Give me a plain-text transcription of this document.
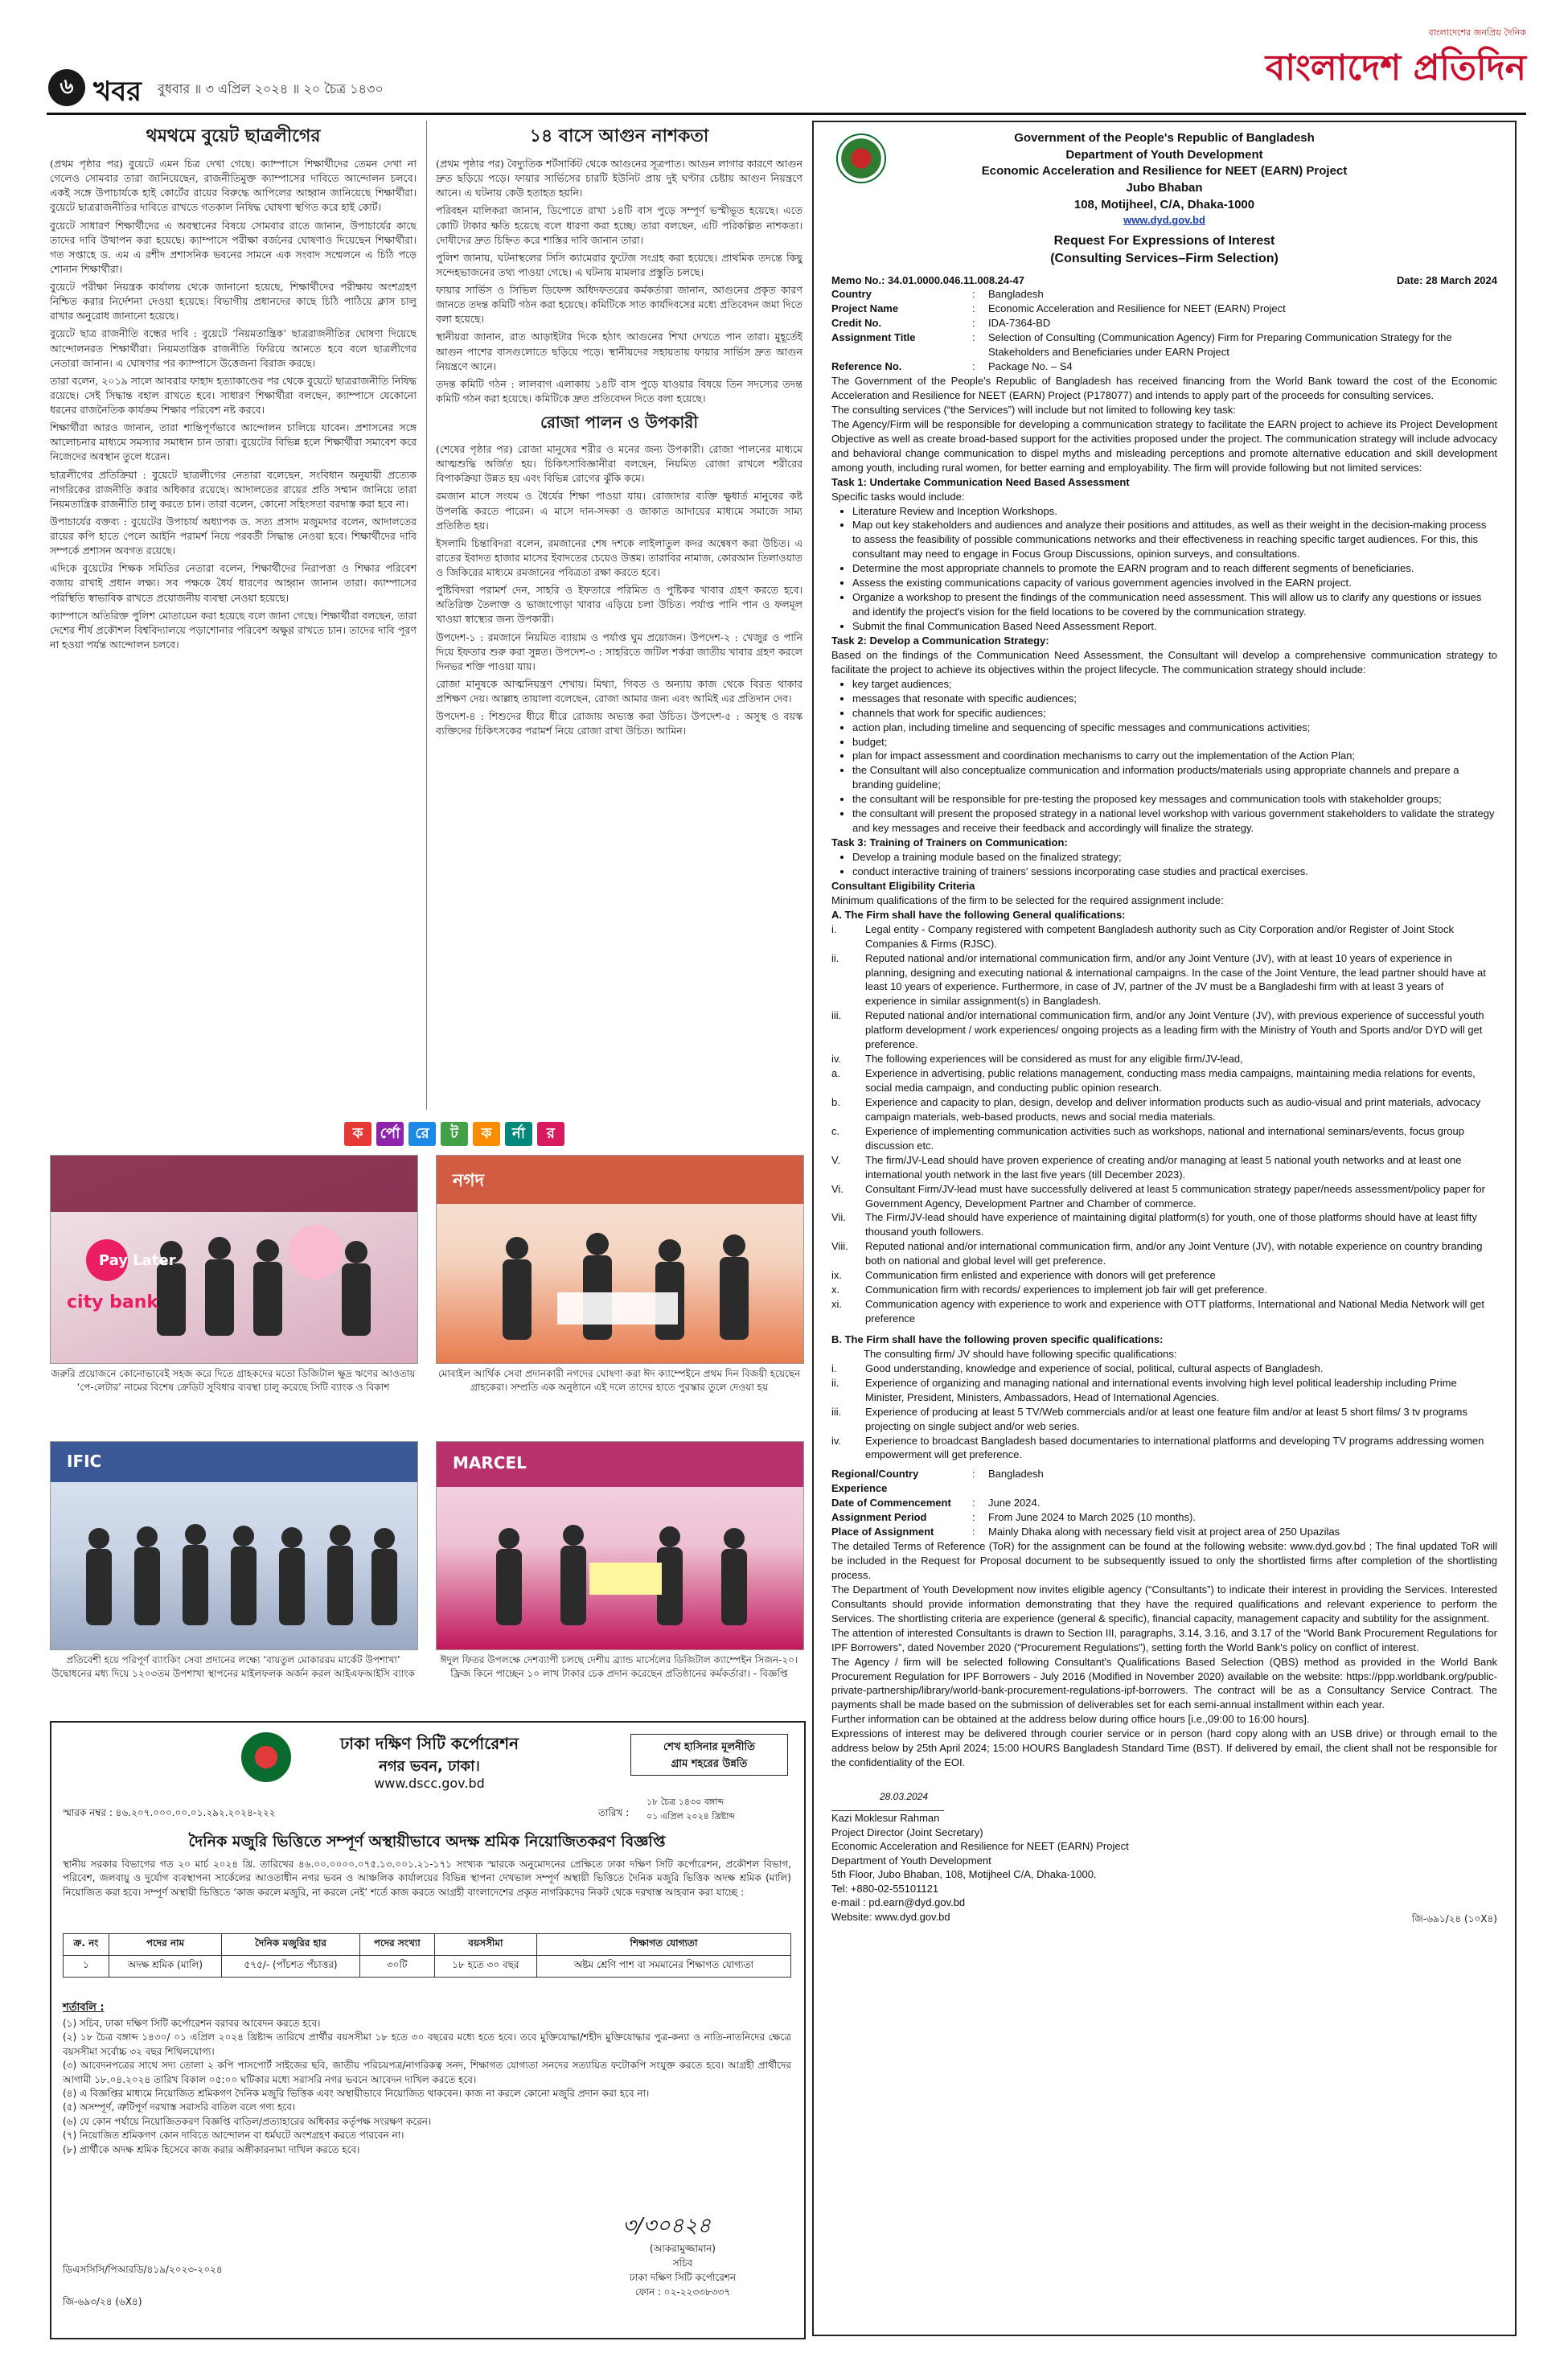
৬ খবর বুধবার ॥ ৩ এপ্রিল ২০২৪ ॥ ২০ চৈত্র ১৪৩০
বাংলাদেশের জনপ্রিয় দৈনিক
বাংলাদেশ প্রতিদিন
থমথমে বুয়েট ছাত্রলীগের

(প্রথম পৃষ্ঠার পর) বুয়েটে এমন চিত্র দেখা গেছে। ক্যাম্পাসে শিক্ষার্থীদের তেমন দেখা না গেলেও সোমবার তারা জানিয়েছেন, রাজনীতিমুক্ত ক্যাম্পাসের দাবিতে আন্দোলন চলবে। একই সঙ্গে উপাচার্যকে হাই কোর্টের রায়ের বিরুদ্ধে আপিলের আহ্বান জানিয়েছে শিক্ষার্থীরা। বুয়েটে ছাত্ররাজনীতির দাবিতে রাখতে গতকাল নিষিদ্ধ ঘোষণা স্থগিত করে হাই কোর্ট।

বুয়েটে সাধারণ শিক্ষার্থীদের এ অবস্থানের বিষয়ে সোমবার রাতে জানান, উপাচার্যের কাছে তাদের দাবি উত্থাপন করা হয়েছে। ক্যাম্পাসে পরীক্ষা বর্জনের ঘোষণাও দিয়েছেন শিক্ষার্থীরা। গত সপ্তাহে ড. এম এ রশীদ প্রশাসনিক ভবনের সামনে এক সংবাদ সম্মেলনে এ চিঠি পড়ে শোনান শিক্ষার্থীরা।

বুয়েটে পরীক্ষা নিয়ন্ত্রক কার্যালয় থেকে জানানো হয়েছে, শিক্ষার্থীদের পরীক্ষায় অংশগ্রহণ নিশ্চিত করার নির্দেশনা দেওয়া হয়েছে। বিভাগীয় প্রধানদের কাছে চিঠি পাঠিয়ে ক্লাস চালু রাখার অনুরোধ জানানো হয়েছে।

বুয়েটে ছাত্র রাজনীতি বন্ধের দাবি : বুয়েটে ‘নিয়মতান্ত্রিক’ ছাত্ররাজনীতির ঘোষণা দিয়েছে আন্দোলনরত শিক্ষার্থীরা। নিয়মতান্ত্রিক রাজনীতি ফিরিয়ে আনতে হবে বলে ছাত্রলীগের নেতারা জানান। এ ঘোষণার পর ক্যাম্পাসে উত্তেজনা বিরাজ করছে।

তারা বলেন, ২০১৯ সালে আবরার ফাহাদ হত্যাকাণ্ডের পর থেকে বুয়েটে ছাত্ররাজনীতি নিষিদ্ধ রয়েছে। সেই সিদ্ধান্ত বহাল রাখতে হবে। সাধারণ শিক্ষার্থীরা বলছেন, ক্যাম্পাসে যেকোনো ধরনের রাজনৈতিক কার্যক্রম শিক্ষার পরিবেশ নষ্ট করবে।

শিক্ষার্থীরা আরও জানান, তারা শান্তিপূর্ণভাবে আন্দোলন চালিয়ে যাবেন। প্রশাসনের সঙ্গে আলোচনার মাধ্যমে সমস্যার সমাধান চান তারা। বুয়েটের বিভিন্ন হলে শিক্ষার্থীরা সমাবেশ করে নিজেদের অবস্থান তুলে ধরেন।

ছাত্রলীগের প্রতিক্রিয়া : বুয়েটে ছাত্রলীগের নেতারা বলেছেন, সংবিধান অনুযায়ী প্রত্যেক নাগরিকের রাজনীতি করার অধিকার রয়েছে। আদালতের রায়ের প্রতি সম্মান জানিয়ে তারা নিয়মতান্ত্রিক রাজনীতি চালু করতে চান। তারা বলেন, কোনো সহিংসতা বরদাস্ত করা হবে না।

উপাচার্যের বক্তব্য : বুয়েটের উপাচার্য অধ্যাপক ড. সত্য প্রসাদ মজুমদার বলেন, আদালতের রায়ের কপি হাতে পেলে আইনি পরামর্শ নিয়ে পরবর্তী সিদ্ধান্ত নেওয়া হবে। শিক্ষার্থীদের দাবি সম্পর্কে প্রশাসন অবগত রয়েছে।

এদিকে বুয়েটের শিক্ষক সমিতির নেতারা বলেন, শিক্ষার্থীদের নিরাপত্তা ও শিক্ষার পরিবেশ বজায় রাখাই প্রধান লক্ষ্য। সব পক্ষকে ধৈর্য ধারণের আহ্বান জানান তারা। ক্যাম্পাসের পরিস্থিতি স্বাভাবিক রাখতে প্রয়োজনীয় ব্যবস্থা নেওয়া হয়েছে।

ক্যাম্পাসে অতিরিক্ত পুলিশ মোতায়েন করা হয়েছে বলে জানা গেছে। শিক্ষার্থীরা বলছেন, তারা দেশের শীর্ষ প্রকৌশল বিশ্ববিদ্যালয়ে পড়াশোনার পরিবেশ অক্ষুণ্ণ রাখতে চান। তাদের দাবি পূরণ না হওয়া পর্যন্ত আন্দোলন চলবে।

১৪ বাসে আগুন নাশকতা

(প্রথম পৃষ্ঠার পর) বৈদ্যুতিক শর্টসার্কিট থেকে আগুনের সূত্রপাত। আগুন লাগার কারণে আগুন দ্রুত ছড়িয়ে পড়ে। ফায়ার সার্ভিসের চারটি ইউনিট প্রায় দুই ঘণ্টার চেষ্টায় আগুন নিয়ন্ত্রণে আনে। এ ঘটনায় কেউ হতাহত হয়নি।

পরিবহন মালিকরা জানান, ডিপোতে রাখা ১৪টি বাস পুড়ে সম্পূর্ণ ভস্মীভূত হয়েছে। এতে কোটি টাকার ক্ষতি হয়েছে বলে ধারণা করা হচ্ছে। তারা বলছেন, এটি পরিকল্পিত নাশকতা। দোষীদের দ্রুত চিহ্নিত করে শাস্তির দাবি জানান তারা।

পুলিশ জানায়, ঘটনাস্থলের সিসি ক্যামেরার ফুটেজ সংগ্রহ করা হয়েছে। প্রাথমিক তদন্তে কিছু সন্দেহভাজনের তথ্য পাওয়া গেছে। এ ঘটনায় মামলার প্রস্তুতি চলছে।

ফায়ার সার্ভিস ও সিভিল ডিফেন্স অধিদফতরের কর্মকর্তারা জানান, আগুনের প্রকৃত কারণ জানতে তদন্ত কমিটি গঠন করা হয়েছে। কমিটিকে সাত কার্যদিবসের মধ্যে প্রতিবেদন জমা দিতে বলা হয়েছে।

স্থানীয়রা জানান, রাত আড়াইটার দিকে হঠাৎ আগুনের শিখা দেখতে পান তারা। মুহূর্তেই আগুন পাশের বাসগুলোতে ছড়িয়ে পড়ে। স্থানীয়দের সহায়তায় ফায়ার সার্ভিস দ্রুত আগুন নিয়ন্ত্রণে আনে।

তদন্ত কমিটি গঠন : লালবাগ এলাকায় ১৪টি বাস পুড়ে যাওয়ার বিষয়ে তিন সদস্যের তদন্ত কমিটি গঠন করা হয়েছে। কমিটিকে দ্রুত প্রতিবেদন দিতে বলা হয়েছে।

রোজা পালন ও উপকারী

(শেষের পৃষ্ঠার পর) রোজা মানুষের শরীর ও মনের জন্য উপকারী। রোজা পালনের মাধ্যমে আত্মশুদ্ধি অর্জিত হয়। চিকিৎসাবিজ্ঞানীরা বলছেন, নিয়মিত রোজা রাখলে শরীরের বিপাকক্রিয়া উন্নত হয় এবং বিভিন্ন রোগের ঝুঁকি কমে।

রমজান মাসে সংযম ও ধৈর্যের শিক্ষা পাওয়া যায়। রোজাদার ব্যক্তি ক্ষুধার্ত মানুষের কষ্ট উপলব্ধি করতে পারেন। এ মাসে দান-সদকা ও জাকাত আদায়ের মাধ্যমে সমাজে সাম্য প্রতিষ্ঠিত হয়।

ইসলামি চিন্তাবিদরা বলেন, রমজানের শেষ দশকে লাইলাতুল কদর অন্বেষণ করা উচিত। এ রাতের ইবাদত হাজার মাসের ইবাদতের চেয়েও উত্তম। তারাবির নামাজ, কোরআন তিলাওয়াত ও জিকিরের মাধ্যমে রমজানের পবিত্রতা রক্ষা করতে হবে।

পুষ্টিবিদরা পরামর্শ দেন, সাহরি ও ইফতারে পরিমিত ও পুষ্টিকর খাবার গ্রহণ করতে হবে। অতিরিক্ত তৈলাক্ত ও ভাজাপোড়া খাবার এড়িয়ে চলা উচিত। পর্যাপ্ত পানি পান ও ফলমূল খাওয়া স্বাস্থ্যের জন্য উপকারী।

উপদেশ-১ : রমজানে নিয়মিত ব্যায়াম ও পর্যাপ্ত ঘুম প্রয়োজন। উপদেশ-২ : খেজুর ও পানি দিয়ে ইফতার শুরু করা সুন্নত। উপদেশ-৩ : সাহরিতে জটিল শর্করা জাতীয় খাবার গ্রহণ করলে দিনভর শক্তি পাওয়া যায়।

রোজা মানুষকে আত্মনিয়ন্ত্রণ শেখায়। মিথ্যা, গিবত ও অন্যায় কাজ থেকে বিরত থাকার প্রশিক্ষণ দেয়। আল্লাহ তায়ালা বলেছেন, রোজা আমার জন্য এবং আমিই এর প্রতিদান দেব।

উপদেশ-৪ : শিশুদের ধীরে ধীরে রোজায় অভ্যস্ত করা উচিত। উপদেশ-৫ : অসুস্থ ও বয়স্ক ব্যক্তিদের চিকিৎসকের পরামর্শ নিয়ে রোজা রাখা উচিত। আমিন।

ক	র্পো	রে	ট	ক	র্না	র
Pay Later
city bank
জরুরি প্রয়োজনে কোনোভাবেই সহজ করে দিতে গ্রাহকদের মতো ডিজিটাল ক্ষুদ্র ঋণের আওতায় ‘পে-লেটার’ নামের বিশেষ ক্রেডিট সুবিধার ব্যবস্থা চালু করেছে সিটি ব্যাংক ও বিকাশ
নগদ
মোবাইল আর্থিক সেবা প্রদানকারী নগদের ঘোষণা করা ঈদ ক্যাম্পেইনে প্রথম দিন বিজয়ী হয়েছেন গ্রাহকেরা। সম্প্রতি এক অনুষ্ঠানে এই দলে তাদের হাতে পুরস্কার তুলে দেওয়া হয়
IFIC
প্রতিবেশী হয়ে পরিপূর্ণ ব্যাংকিং সেবা প্রদানের লক্ষ্যে ‘বায়তুল মোকাররম মার্কেট উপশাখা’ উদ্বোধনের মধ্য দিয়ে ১২০৩তম উপশাখা স্থাপনের মাইলফলক অর্জন করল আইএফআইসি ব্যাংক
MARCEL
ঈদুল ফিতর উপলক্ষে দেশব্যাপী চলছে দেশীয় ব্র্যান্ড মার্সেলের ডিজিটাল ক্যাম্পেইন সিজন-২০। ফ্রিজ কিনে পাচ্ছেন ১০ লাখ টাকার চেক প্রদান করেছেন প্রতিষ্ঠানের কর্মকর্তারা। - বিজ্ঞপ্তি
ঢাকা দক্ষিণ সিটি কর্পোরেশন
নগর ভবন, ঢাকা।
www.dscc.gov.bd
শেখ হাসিনার মূলনীতি
গ্রাম শহরের উন্নতি
১৮ চৈত্র ১৪৩০ বঙ্গাব্দ
স্মারক নম্বর : ৪৬.২০৭.০০০.০০.০১.২৯২.২০২৪-২২২	তারিখ : ০১ এপ্রিল ২০২৪ খ্রিষ্টাব্দ
দৈনিক মজুরি ভিত্তিতে সম্পূর্ণ অস্থায়ীভাবে অদক্ষ শ্রমিক নিয়োজিতকরণ বিজ্ঞপ্তি
স্থানীয় সরকার বিভাগের গত ২০ মার্চ ২০২৪ খ্রি. তারিখের ৪৬.০০.০০০০.০৭৫.১৩.০০১.২১-১৭১ সংখ্যক স্মারকে অনুমোদনের প্রেক্ষিতে ঢাকা দক্ষিণ সিটি কর্পোরেশন, প্রকৌশল বিভাগ, পরিবেশ, জলবায়ু ও দুর্যোগ ব্যবস্থাপনা সার্কেলের আওতাধীন নগর ভবন ও আঞ্চলিক কার্যালয়ের বিভিন্ন স্থাপনা দেখভাল সম্পূর্ণ অস্থায়ী ভিত্তিতে দৈনিক মজুরি ভিত্তিক অদক্ষ শ্রমিক (মালি) নিয়োজিত করা হবে। সম্পূর্ণ অস্থায়ী ভিত্তিতে ‘কাজ করলে মজুরি, না করলে নেই’ শর্তে কাজ করতে আগ্রহী বাংলাদেশের প্রকৃত নাগরিকদের নিকট থেকে দরখাস্ত আহবান করা যাচ্ছে :
ক্র. নং	পদের নাম	দৈনিক মজুরির হার	পদের সংখ্যা	বয়সসীমা	শিক্ষাগত যোগ্যতা
১	অদক্ষ শ্রমিক (মালি)	৫৭৫/- (পাঁচশত পঁচাত্তর)	৩০টি	১৮ হতে ৩০ বছর	অষ্টম শ্রেণি পাশ বা সমমানের শিক্ষাগত যোগ্যতা
শর্তাবলি :
(১) সচিব, ঢাকা দক্ষিণ সিটি কর্পোরেশন বরাবর আবেদন করতে হবে।
(২) ১৮ চৈত্র বঙ্গাব্দ ১৪৩০/ ০১ এপ্রিল ২০২৪ খ্রিষ্টাব্দ তারিখে প্রার্থীর বয়সসীমা ১৮ হতে ৩০ বছরের মধ্যে হতে হবে। তবে মুক্তিযোদ্ধা/শহীদ মুক্তিযোদ্ধার পুত্র-কন্যা ও নাতি-নাতনিদের ক্ষেত্রে বয়সসীমা সর্বোচ্চ ৩২ বছর শিথিলযোগ্য।
(৩) আবেদনপত্রের সাথে সদ্য তোলা ২ কপি পাসপোর্ট সাইজের ছবি, জাতীয় পরিচয়পত্র/নাগরিকত্ব সনদ, শিক্ষাগত যোগ্যতা সনদের সত্যায়িত ফটোকপি সংযুক্ত করতে হবে। আগ্রহী প্রার্থীদের আগামী ১৮.০৪.২০২৪ তারিখ বিকাল ০৫:০০ ঘটিকার মধ্যে সরাসরি নগর ভবনে আবেদন দাখিল করতে হবে।
(৪) এ বিজ্ঞপ্তির মাধ্যমে নিয়োজিত শ্রমিকগণ দৈনিক মজুরি ভিত্তিক এবং অস্থায়ীভাবে নিয়োজিত থাকবেন। কাজ না করলে কোনো মজুরি প্রদান করা হবে না।
(৫) অসম্পূর্ণ, ত্রুটিপূর্ণ দরখাস্ত সরাসরি বাতিল বলে গণ্য হবে।
(৬) যে কোন পর্যায়ে নিয়োজিতকরণ বিজ্ঞপ্তি বাতিল/প্রত্যাহারের অধিকার কর্তৃপক্ষ সংরক্ষণ করেন।
(৭) নিয়োজিত শ্রমিকগণ কোন দাবিতে আন্দোলন বা ধর্মঘটে অংশগ্রহণ করতে পারবেন না।
(৮) প্রার্থীকে অদক্ষ শ্রমিক হিসেবে কাজ করার অঙ্গীকারনামা দাখিল করতে হবে।
৩/৩০৪২৪
(আকরামুজ্জামান)
সচিব
ঢাকা দক্ষিণ সিটি কর্পোরেশন
ফোন : ০২-২২৩৩৮৩৩৭
ডিএসসিসি/পিআরডি/৪১৯/২০২৩-২০২৪
জি-৬৯৩/২৪ (৬X৪)
Government of the People's Republic of Bangladesh
Department of Youth Development
Economic Acceleration and Resilience for NEET (EARN) Project
Jubo Bhaban
108, Motijheel, C/A, Dhaka-1000
www.dyd.gov.bd
Request For Expressions of Interest
(Consulting Services–Firm Selection)
Memo No.: 34.01.0000.046.11.008.24-47	Date: 28 March 2024
Country	:	Bangladesh
Project Name	:	Economic Acceleration and Resilience for NEET (EARN) Project
Credit No.	:	IDA-7364-BD
Assignment Title	:	Selection of Consulting (Communication Agency) Firm for Preparing Communication Strategy for the Stakeholders and Beneficiaries under EARN Project
Reference No.	:	Package No. – S4

The Government of the People's Republic of Bangladesh has received financing from the World Bank toward the cost of the Economic Acceleration and Resilience for NEET (EARN) Project (P178077) and intends to apply part of the proceeds for consulting services.

The consulting services (“the Services”) will include but not limited to following key task:

The Agency/Firm will be responsible for developing a communication strategy to facilitate the EARN project to achieve its Project Development Objective as well as create broad-based support for the activities proposed under the project. The communication strategy will include advocacy and behavioral change communication to dispel myths and misleading perceptions and promote alternative education and skill development among youth, including rural women, for better earning and employability. The firm will provide following but not limited services:

Task 1: Undertake Communication Need Based Assessment
Specific tasks would include:
• Literature Review and Inception Workshops.
• Map out key stakeholders and audiences and analyze their positions and attitudes, as well as their weight in the decision-making process to assess the feasibility of possible communications networks and their effectiveness in reaching specific target audiences. For this, this consultant may need to engage in Focus Group Discussions, opinion surveys, and consultations.
• Determine the most appropriate channels to promote the EARN program and to reach different segments of beneficiaries.
• Assess the existing communications capacity of various government agencies involved in the EARN project.
• Organize a workshop to present the findings of the communication need assessment. This will allow us to clarify any questions or issues and identify the project's vision for the field locations to be covered by the communication strategy.
• Submit the final Communication Based Need Assessment Report.
Task 2: Develop a Communication Strategy:

Based on the findings of the Communication Need Assessment, the Consultant will develop a comprehensive communication strategy to facilitate the project to achieve its objectives within the project lifecycle. The communication strategy should include:

• key target audiences;
• messages that resonate with specific audiences;
• channels that work for specific audiences;
• action plan, including timeline and sequencing of specific messages and communications activities;
• budget;
• plan for impact assessment and coordination mechanisms to carry out the implementation of the Action Plan;
• the Consultant will also conceptualize communication and information products/materials using appropriate channels and prepare a branding guideline;
• the consultant will be responsible for pre-testing the proposed key messages and communication tools with stakeholder groups;
• the consultant will present the proposed strategy in a national level workshop with various government stakeholders to validate the strategy and key messages and receive their feedback and accordingly will finalize the strategy.
Task 3: Training of Trainers on Communication:
• Develop a training module based on the finalized strategy;
• conduct interactive training of trainers' sessions incorporating case studies and practical exercises.
Consultant Eligibility Criteria
Minimum qualifications of the firm to be selected for the required assignment include:
A. The Firm shall have the following General qualifications:
i.	Legal entity - Company registered with competent Bangladesh authority such as City Corporation and/or Register of Joint Stock Companies & Firms (RJSC).
ii.	Reputed national and/or international communication firm, and/or any Joint Venture (JV), with at least 10 years of experience in planning, designing and executing national & international campaigns. In the case of the Joint Venture, the lead partner should have at least 10 years of experience. Furthermore, in case of JV, partner of the JV must be a Bangladeshi firm with at least 3 years of experience in similar assignment(s) in Bangladesh.
iii.	Reputed national and/or international communication firm, and/or any Joint Venture (JV), with previous experience of successful youth platform development / work experiences/ ongoing projects as a leading firm with the Ministry of Youth and Sports and/or DYD will get preference.
iv.	The following experiences will be considered as must for any eligible firm/JV-lead,
a.	Experience in advertising, public relations management, conducting mass media campaigns, maintaining media relations for events, social media campaign, and conducting public opinion research.
b.	Experience and capacity to plan, design, develop and deliver information products such as audio-visual and print materials, advocacy campaign materials, web-based products, news and social media materials.
c.	Experience of implementing communication activities such as workshops, national and international seminars/events, focus group discussion etc.
V.	The firm/JV-Lead should have proven experience of creating and/or managing at least 5 national youth networks and at least one international youth network in the last five years (till December 2023).
Vi.	Consultant Firm/JV-lead must have successfully delivered at least 5 communication strategy paper/needs assessment/policy paper for Government Agency, Development Partner and Chamber of commerce.
Vii.	The Firm/JV-lead should have experience of maintaining digital platform(s) for youth, one of those platforms should have at least fifty thousand youth followers.
Viii.	Reputed national and/or international communication firm, and/or any Joint Venture (JV), with notable experience on country branding both on national and global level will get preference.
ix.	Communication firm enlisted and experience with donors will get preference
x.	Communication firm with records/ experiences to implement job fair will get preference.
xi.	Communication agency with experience to work and experience with OTT platforms, International and National Media Network will get preference
B. The Firm shall have the following proven specific qualifications:
The consulting firm/ JV should have following specific qualifications:
i.	Good understanding, knowledge and experience of social, political, cultural aspects of Bangladesh.
ii.	Experience of organizing and managing national and international events involving high level political leadership including Prime Minister, President, Ministers, Ambassadors, Head of International Agencies.
iii.	Experience of producing at least 5 TV/Web commercials and/or at least one feature film and/or at least 5 short films/ 3 tv programs projecting on single subject and/or web series.
iv.	Experience to broadcast Bangladesh based documentaries to international platforms and developing TV programs addressing women empowerment will get preference.
Regional/Country Experience
:	Bangladesh
Date of Commencement	:	June 2024.
Assignment Period	:	From June 2024 to March 2025 (10 months).
Place of Assignment	:	Mainly Dhaka along with necessary field visit at project area of 250 Upazilas

The detailed Terms of Reference (ToR) for the assignment can be found at the following website: www.dyd.gov.bd ; The final updated ToR will be included in the Request for Proposal document to be subsequently issued to only the shortlisted firms after completion of the shortlisting process.

The Department of Youth Development now invites eligible agency (“Consultants”) to indicate their interest in providing the Services. Interested Consultants should provide information demonstrating that they have the required qualifications and relevant experience to perform the Services. The shortlisting criteria are experience (general & specific), financial capacity, management capacity and subtility for the assignment.

The attention of interested Consultants is drawn to Section III, paragraphs, 3.14, 3.16, and 3.17 of the “World Bank Procurement Regulations for IPF Borrowers”, dated November 2020 (“Procurement Regulations”), setting forth the World Bank's policy on conflict of interest.

The Agency / firm will be selected following Consultant's Qualifications Based Selection (QBS) method as provided in the World Bank Procurement Regulation for IPF Borrowers - July 2016 (Modified in November 2020) available on the website: https://ppp.worldbank.org/public-private-partnership/library/world-bank-procurement-regulations-ipf-borrowers. The contract will be as a Consultancy Service Contract. The payments shall be made based on the submission of deliverables set for each semi-annual installment within each year.

Further information can be obtained at the address below during office hours [i.e.,09:00 to 16:00 hours].

Expressions of interest may be delivered through courier service or in person (hard copy along with an USB drive) or through email to the address below by 25th April 2024; 15:00 HOURS Bangladesh Standard Time (BST). If delivered by email, the client shall not be responsible for the confidentiality of the EOI.

28.03.2024
Kazi Moklesur Rahman
Project Director (Joint Secretary)
Economic Acceleration and Resilience for NEET (EARN) Project
Department of Youth Development
5th Floor, Jubo Bhaban, 108, Motijheel C/A, Dhaka-1000.
Tel: +880-02-55101121
e-mail : pd.earn@dyd.gov.bd
Website: www.dyd.gov.bd	জি-৬৯১/২৪ (১০X৪)
